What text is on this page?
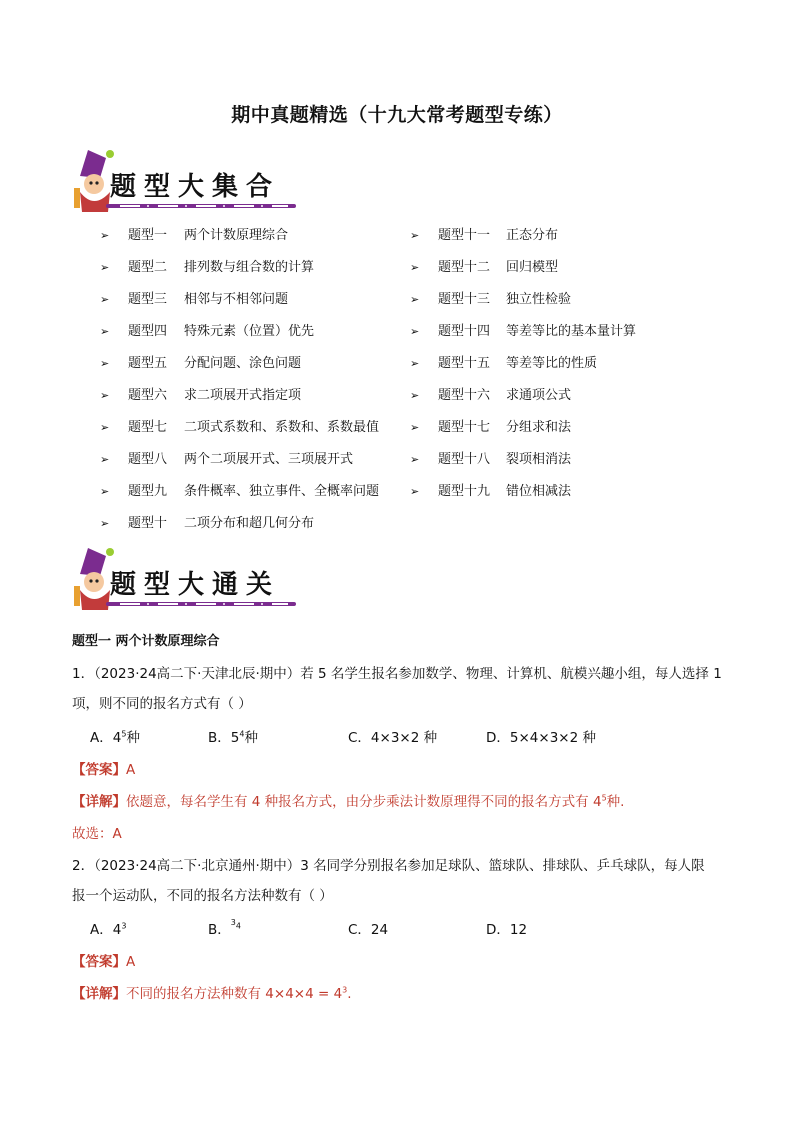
期中真题精选（十九大常考题型专练）
题型大集合
➢ 题型一 两个计数原理综合
➢ 题型二 排列数与组合数的计算
➢ 题型三 相邻与不相邻问题
➢ 题型四 特殊元素（位置）优先
➢ 题型五 分配问题、涂色问题
➢ 题型六 求二项展开式指定项
➢ 题型七 二项式系数和、系数和、系数最值
➢ 题型八 两个二项展开式、三项展开式
➢ 题型九 条件概率、独立事件、全概率问题
➢ 题型十 二项分布和超几何分布
➢ 题型十一 正态分布
➢ 题型十二 回归模型
➢ 题型十三 独立性检验
➢ 题型十四 等差等比的基本量计算
➢ 题型十五 等差等比的性质
➢ 题型十六 求通项公式
➢ 题型十七 分组求和法
➢ 题型十八 裂项相消法
➢ 题型十九 错位相减法
题型大通关
题型一 两个计数原理综合
1．（2023·24高二下·天津北辰·期中）若 5 名学生报名参加数学、物理、计算机、航模兴趣小组，每人选择 1
项，则不同的报名方式有（ ）
A．$4^5$种	B．$5^4$种	C．4×3×2 种	D．5×4×3×2 种
【答案】A
【详解】依题意，每名学生有 4 种报名方式，由分步乘法计数原理得不同的报名方式有 $4^5$种.
故选：A
2．（2023·24高二下·北京通州·期中）3 名同学分别报名参加足球队、篮球队、排球队、乒乓球队，每人限
报一个运动队，不同的报名方法种数有（ ）
A．$4^3$	B．$^{34}$	C．24	D．12
【答案】A
【详解】不同的报名方法种数有 $4\times 4\times 4 = 4^3$.
